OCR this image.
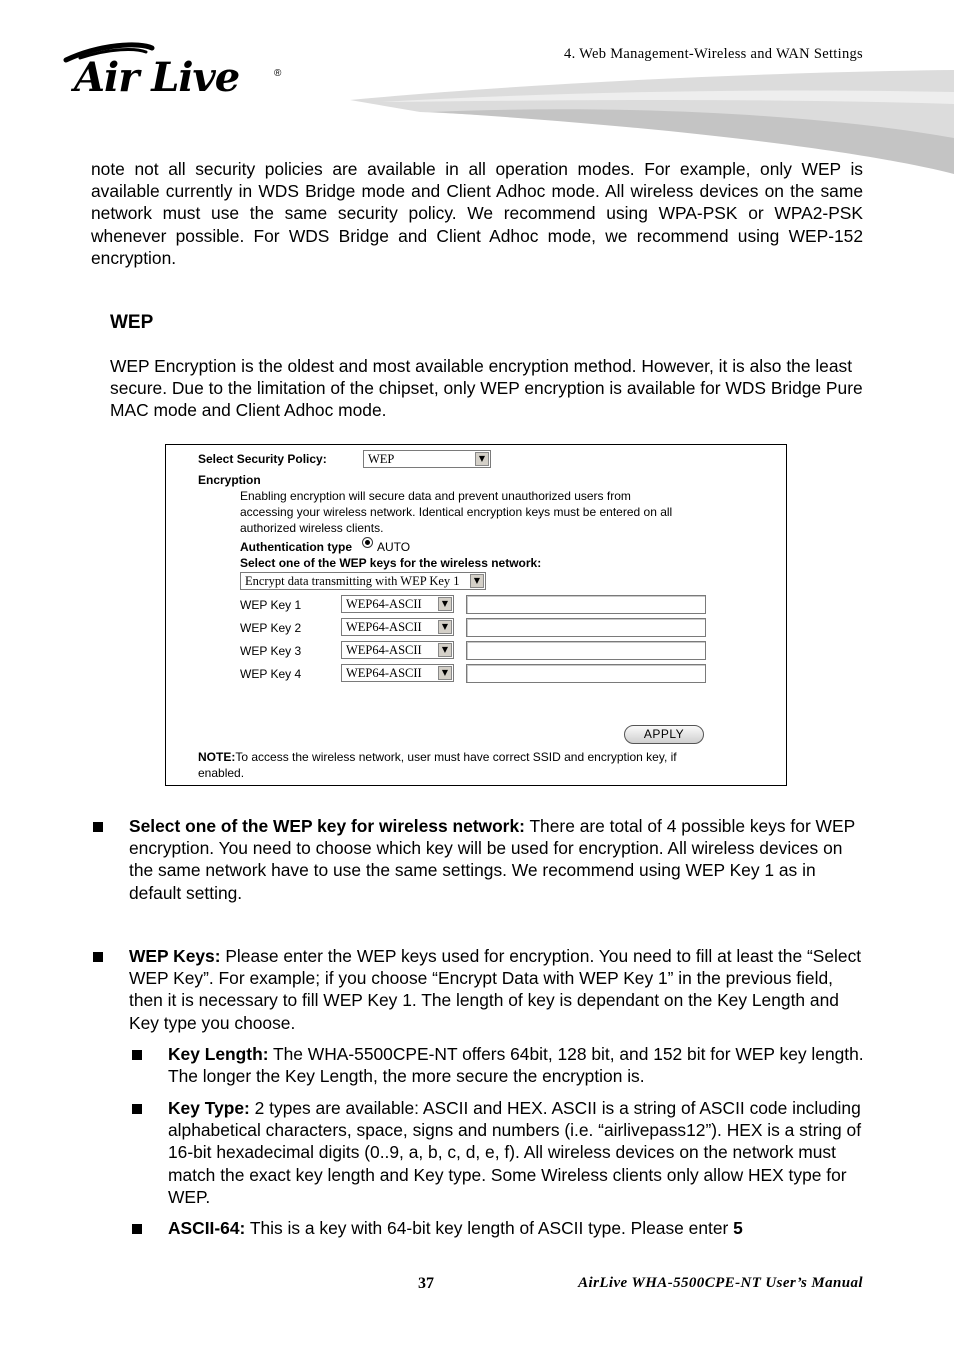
4. Web Management-Wireless and WAN Settings
Air Live	®
note not all security policies are available in all operation modes. For example, only WEP is available currently in WDS Bridge mode and Client Adhoc mode. All wireless devices on the same network must use the same security policy. We recommend using WPA-PSK or WPA2-PSK whenever possible. For WDS Bridge and Client Adhoc mode, we recommend using WEP-152 encryption.
WEP
WEP Encryption is the oldest and most available encryption method. However, it is also the least secure. Due to the limitation of the chipset, only WEP encryption is available for WDS Bridge Pure MAC mode and Client Adhoc mode.
Select Security Policy:	WEP	▼
Encryption
Enabling encryption will secure data and prevent unauthorized users from
accessing your wireless network. Identical encryption keys must be entered on all
authorized wireless clients.
Authentication type AUTO
Select one of the WEP keys for the wireless network:
Encrypt data transmitting with WEP Key 1	▼
WEP Key 1	WEP64-ASCII	▼
WEP Key 2	WEP64-ASCII	▼
WEP Key 3	WEP64-ASCII	▼
WEP Key 4	WEP64-ASCII	▼
APPLY
NOTE:To access the wireless network, user must have correct SSID and encryption key, if
enabled.
Select one of the WEP key for wireless network: There are total of 4 possible keys for WEP encryption. You need to choose which key will be used for encryption. All wireless devices on the same network have to use the same settings. We recommend using WEP Key 1 as in default setting.
WEP Keys: Please enter the WEP keys used for encryption. You need to fill at least the “Select WEP Key”. For example; if you choose “Encrypt Data with WEP Key 1” in the previous field, then it is necessary to fill WEP Key 1. The length of key is dependant on the Key Length and Key type you choose.
Key Length: The WHA-5500CPE-NT offers 64bit, 128 bit, and 152 bit for WEP key length. The longer the Key Length, the more secure the encryption is.
Key Type: 2 types are available: ASCII and HEX. ASCII is a string of ASCII code including alphabetical characters, space, signs and numbers (i.e. “airlivepass12”). HEX is a string of 16-bit hexadecimal digits (0..9, a, b, c, d, e, f). All wireless devices on the network must match the exact key length and Key type. Some Wireless clients only allow HEX type for WEP.
ASCII-64: This is a key with 64-bit key length of ASCII type. Please enter 5
37	AirLive WHA-5500CPE-NT User’s Manual
